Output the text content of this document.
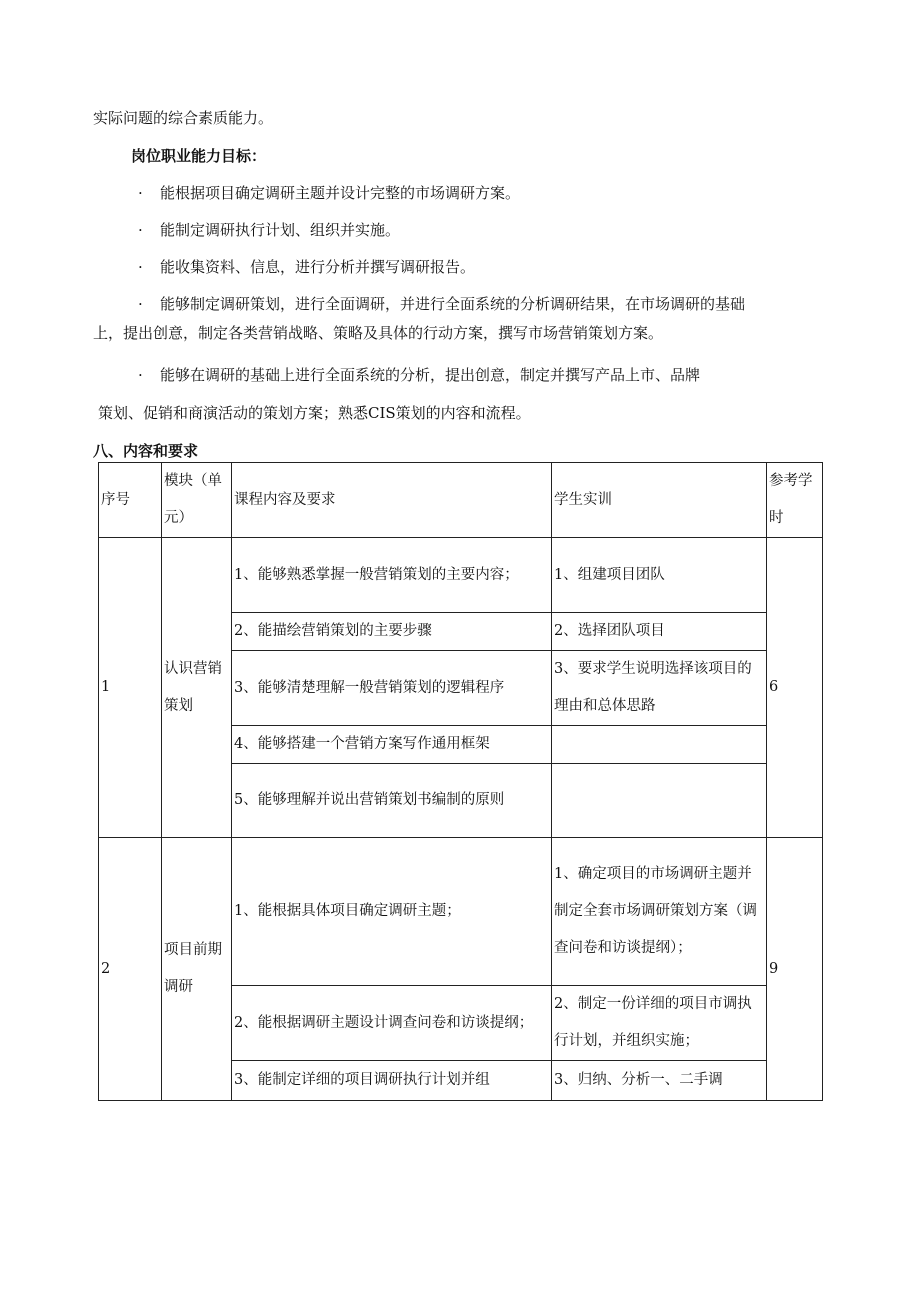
实际问题的综合素质能力。
岗位职业能力目标：
· 能根据项目确定调研主题并设计完整的市场调研方案。
· 能制定调研执行计划、组织并实施。
· 能收集资料、信息，进行分析并撰写调研报告。
· 能够制定调研策划，进行全面调研，并进行全面系统的分析调研结果，在市场调研的基础
上，提出创意，制定各类营销战略、策略及具体的行动方案，撰写市场营销策划方案。
· 能够在调研的基础上进行全面系统的分析，提出创意，制定并撰写产品上市、品牌
策划、促销和商演活动的策划方案；熟悉CIS策划的内容和流程。
八、内容和要求
序号	模块（单元）	课程内容及要求	学生实训	参考学时
1	认识营销策划	1、能够熟悉掌握一般营销策划的主要内容；	1、组建项目团队	6
		2、能描绘营销策划的主要步骤	2、选择团队项目	
		3、能够清楚理解一般营销策划的逻辑程序	3、要求学生说明选择该项目的理由和总体思路	
		4、能够搭建一个营销方案写作通用框架		
		5、能够理解并说出营销策划书编制的原则		
2	项目前期调研	1、能根据具体项目确定调研主题；	1、确定项目的市场调研主题并制定全套市场调研策划方案（调查问卷和访谈提纲）；	9
		2、能根据调研主题设计调查问卷和访谈提纲；	2、制定一份详细的项目市调执行计划，并组织实施；	
		3、能制定详细的项目调研执行计划并组	3、归纳、分析一、二手调	
